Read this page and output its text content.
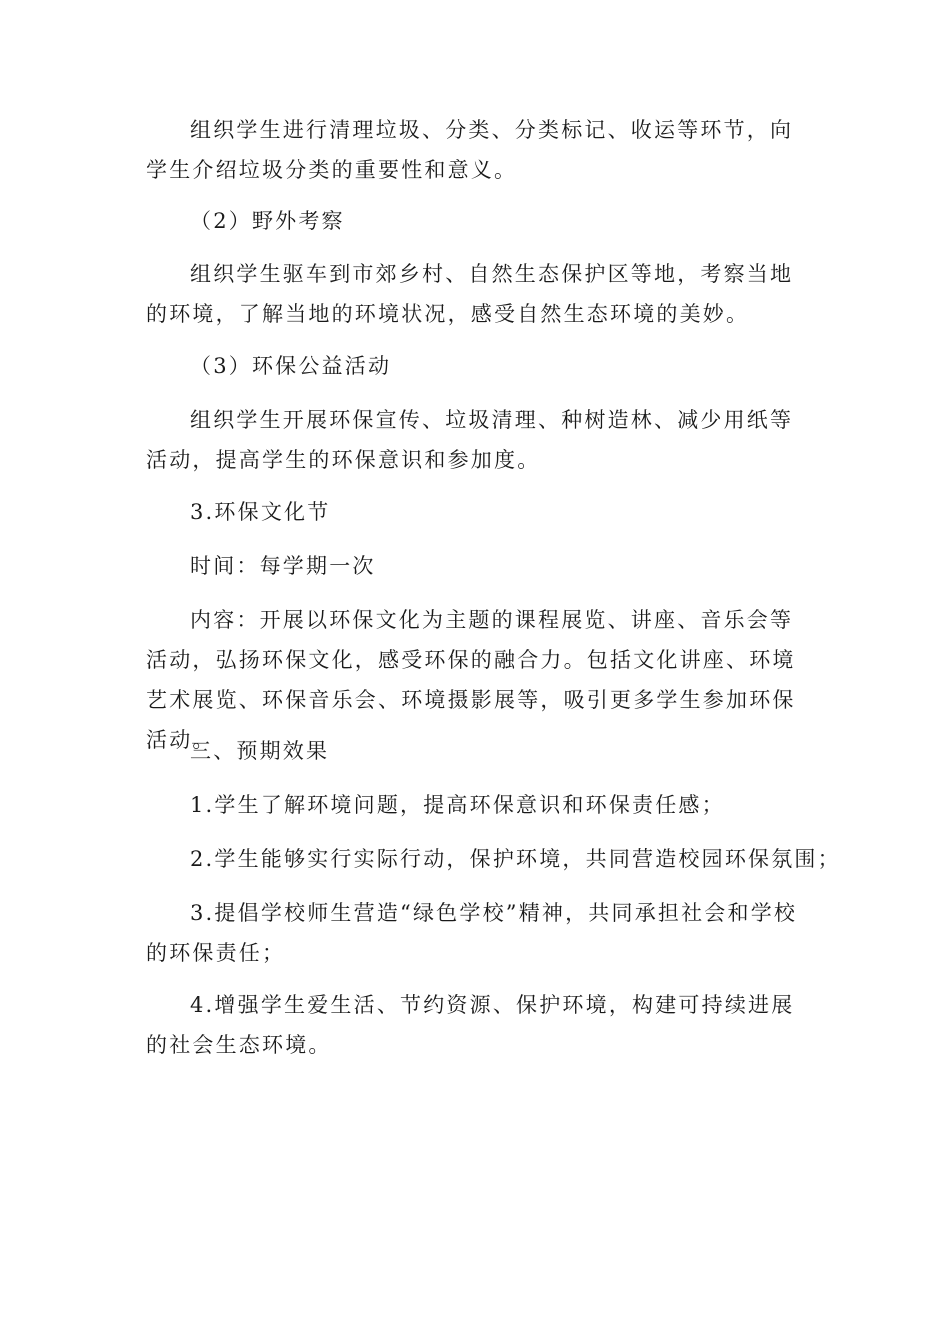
组织学生进行清理垃圾、分类、分类标记、收运等环节，向学生介绍垃圾分类的重要性和意义。
（2）野外考察
组织学生驱车到市郊乡村、自然生态保护区等地，考察当地的环境，了解当地的环境状况，感受自然生态环境的美妙。
（3）环保公益活动
组织学生开展环保宣传、垃圾清理、种树造林、减少用纸等活动，提高学生的环保意识和参加度。
3.环保文化节
时间：每学期一次
内容：开展以环保文化为主题的课程展览、讲座、音乐会等活动，弘扬环保文化，感受环保的融合力。包括文化讲座、环境艺术展览、环保音乐会、环境摄影展等，吸引更多学生参加环保活动。
三、预期效果
1.学生了解环境问题，提高环保意识和环保责任感；
2.学生能够实行实际行动，保护环境，共同营造校园环保氛围；
3.提倡学校师生营造“绿色学校”精神，共同承担社会和学校的环保责任；
4.增强学生爱生活、节约资源、保护环境，构建可持续进展的社会生态环境。
